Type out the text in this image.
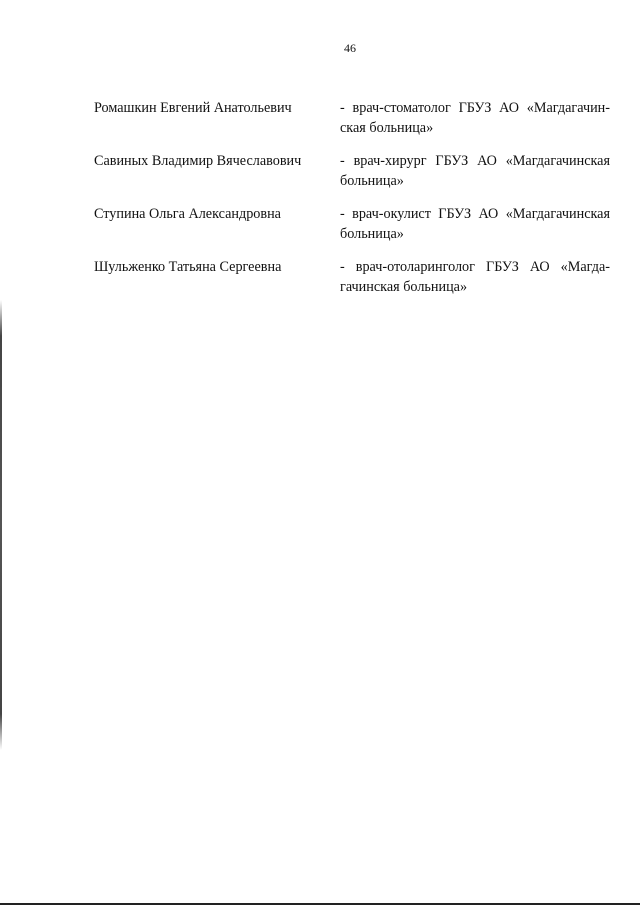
46
Ромашкин Евгений Анатольевич	- врач-стоматолог ГБУЗ АО «Магдагачин-
ская больница»
Савиных Владимир Вячеславович	- врач-хирург ГБУЗ АО «Магдагачинская
больница»
Ступина Ольга Александровна	- врач-окулист ГБУЗ АО «Магдагачинская
больница»
Шульженко Татьяна Сергеевна	- врач-отоларинголог ГБУЗ АО «Магда-
гачинская больница»
